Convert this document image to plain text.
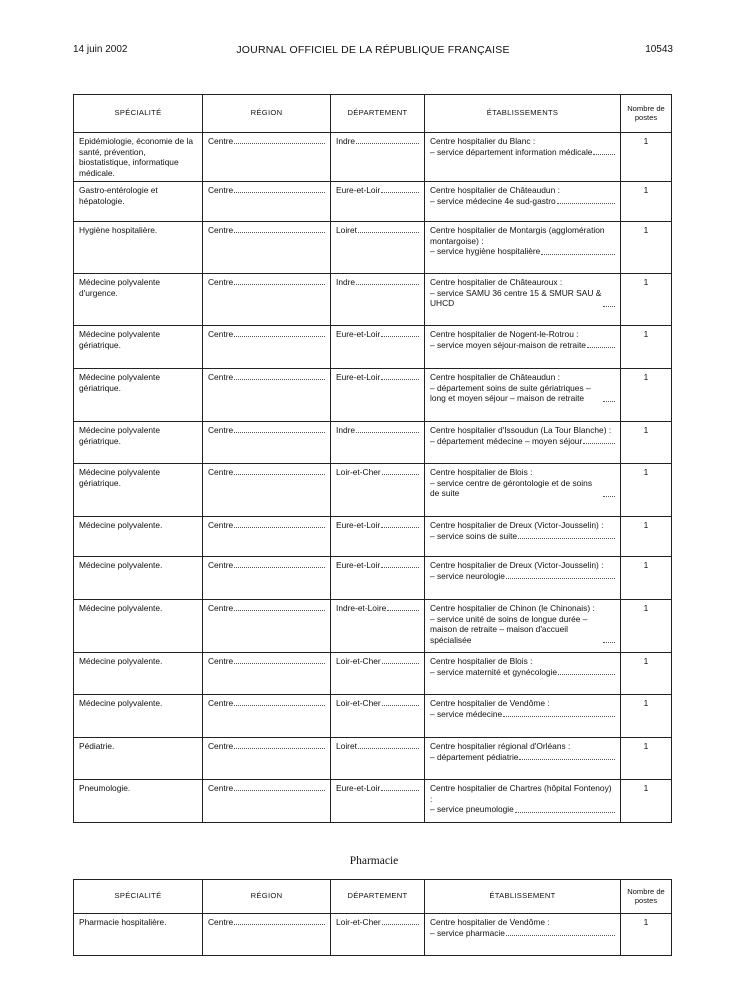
14 juin 2002	JOURNAL OFFICIEL DE LA RÉPUBLIQUE FRANÇAISE	10543
SPÉCIALITÉ	RÉGION	DÉPARTEMENT	ÉTABLISSEMENTS	Nombre de postes
Epidémiologie, économie de la santé, prévention, biostatistique, informatique médicale.	Centre	Indre	Centre hospitalier du Blanc :
– service département information médicale	1
Gastro-entérologie et hépatologie.	Centre	Eure-et-Loir	Centre hospitalier de Châteaudun :
– service médecine 4e sud-gastro	1
Hygiène hospitalière.	Centre	Loiret	Centre hospitalier de Montargis (agglomération montargoise) :
– service hygiène hospitalière	1
Médecine polyvalente d'urgence.	Centre	Indre	Centre hospitalier de Châteauroux :
– service SAMU 36 centre 15 & SMUR SAU & UHCD	1
Médecine polyvalente gériatrique.	Centre	Eure-et-Loir	Centre hospitalier de Nogent-le-Rotrou :
– service moyen séjour-maison de retraite	1
Médecine polyvalente gériatrique.	Centre	Eure-et-Loir	Centre hospitalier de Châteaudun :
– département soins de suite gériatriques – long et moyen séjour – maison de retraite	1
Médecine polyvalente gériatrique.	Centre	Indre	Centre hospitalier d'Issoudun (La Tour Blanche) :
– département médecine – moyen séjour	1
Médecine polyvalente gériatrique.	Centre	Loir-et-Cher	Centre hospitalier de Blois :
– service centre de gérontologie et de soins de suite	1
Médecine polyvalente.	Centre	Eure-et-Loir	Centre hospitalier de Dreux (Victor-Jousselin) :
– service soins de suite	1
Médecine polyvalente.	Centre	Eure-et-Loir	Centre hospitalier de Dreux (Victor-Jousselin) :
– service neurologie	1
Médecine polyvalente.	Centre	Indre-et-Loire	Centre hospitalier de Chinon (le Chinonais) :
– service unité de soins de longue durée – maison de retraite – maison d'accueil spécialisée	1
Médecine polyvalente.	Centre	Loir-et-Cher	Centre hospitalier de Blois :
– service maternité et gynécologie	1
Médecine polyvalente.	Centre	Loir-et-Cher	Centre hospitalier de Vendôme :
– service médecine	1
Pédiatrie.	Centre	Loiret	Centre hospitalier régional d'Orléans :
– département pédiatrie	1
Pneumologie.	Centre	Eure-et-Loir	Centre hospitalier de Chartres (hôpital Fontenoy) :
– service pneumologie	1
Pharmacie
SPÉCIALITÉ	RÉGION	DÉPARTEMENT	ÉTABLISSEMENT	Nombre de postes
Pharmacie hospitalière.	Centre	Loir-et-Cher	Centre hospitalier de Vendôme :
– service pharmacie	1
